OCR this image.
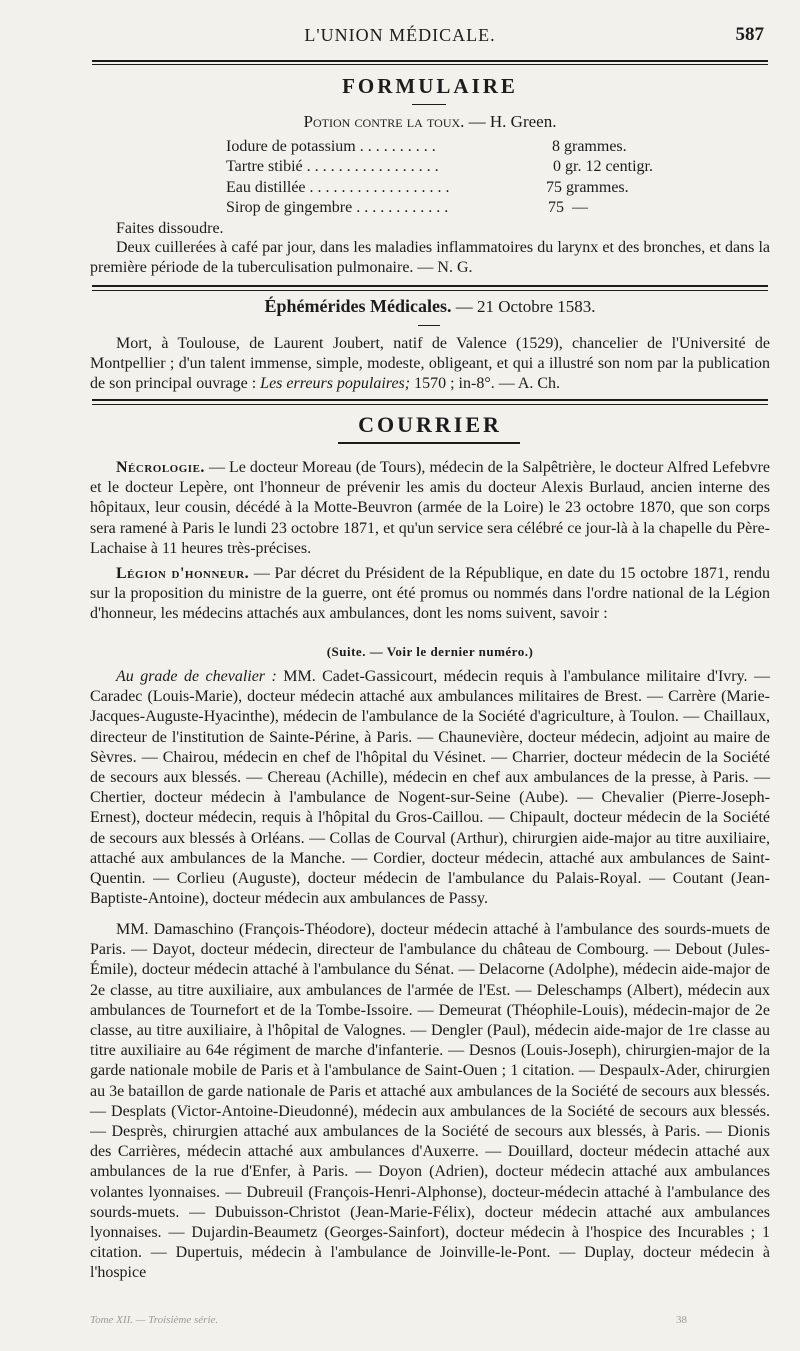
L'UNION MÉDICALE.	587
FORMULAIRE
Potion contre la toux. — H. Green.
Iodure de potassium . . . . . . . . . .	8 grammes.
Tartre stibié . . . . . . . . . . . . . . . . .	0 gr. 12 centigr.
Eau distillée . . . . . . . . . . . . . . . . . .	75 grammes.
Sirop de gingembre . . . . . . . . . . . .	75  —
Faites dissoudre.
Deux cuillerées à café par jour, dans les maladies inflammatoires du larynx et des bronches, et dans la première période de la tuberculisation pulmonaire. — N. G.
Éphémérides Médicales. — 21 Octobre 1583.
Mort, à Toulouse, de Laurent Joubert, natif de Valence (1529), chancelier de l'Université de Montpellier ; d'un talent immense, simple, modeste, obligeant, et qui a illustré son nom par la publication de son principal ouvrage : Les erreurs populaires; 1570 ; in-8°. — A. Ch.
COURRIER
Nécrologie. — Le docteur Moreau (de Tours), médecin de la Salpêtrière, le docteur Alfred Lefebvre et le docteur Lepère, ont l'honneur de prévenir les amis du docteur Alexis Burlaud, ancien interne des hôpitaux, leur cousin, décédé à la Motte-Beuvron (armée de la Loire) le 23 octobre 1870, que son corps sera ramené à Paris le lundi 23 octobre 1871, et qu'un service sera célébré ce jour-là à la chapelle du Père-Lachaise à 11 heures très-précises.
Légion d'honneur. — Par décret du Président de la République, en date du 15 octobre 1871, rendu sur la proposition du ministre de la guerre, ont été promus ou nommés dans l'ordre national de la Légion d'honneur, les médecins attachés aux ambulances, dont les noms suivent, savoir :
(Suite. — Voir le dernier numéro.)
Au grade de chevalier : MM. Cadet-Gassicourt, médecin requis à l'ambulance militaire d'Ivry. — Caradec (Louis-Marie), docteur médecin attaché aux ambulances militaires de Brest. — Carrère (Marie-Jacques-Auguste-Hyacinthe), médecin de l'ambulance de la Société d'agriculture, à Toulon. — Chaillaux, directeur de l'institution de Sainte-Périne, à Paris. — Chaunevière, docteur médecin, adjoint au maire de Sèvres. — Chairou, médecin en chef de l'hôpital du Vésinet. — Charrier, docteur médecin de la Société de secours aux blessés. — Chereau (Achille), médecin en chef aux ambulances de la presse, à Paris. — Chertier, docteur médecin à l'ambulance de Nogent-sur-Seine (Aube). — Chevalier (Pierre-Joseph-Ernest), docteur médecin, requis à l'hôpital du Gros-Caillou. — Chipault, docteur médecin de la Société de secours aux blessés à Orléans. — Collas de Courval (Arthur), chirurgien aide-major au titre auxiliaire, attaché aux ambulances de la Manche. — Cordier, docteur médecin, attaché aux ambulances de Saint-Quentin. — Corlieu (Auguste), docteur médecin de l'ambulance du Palais-Royal. — Coutant (Jean-Baptiste-Antoine), docteur médecin aux ambulances de Passy.
MM. Damaschino (François-Théodore), docteur médecin attaché à l'ambulance des sourds-muets de Paris. — Dayot, docteur médecin, directeur de l'ambulance du château de Combourg. — Debout (Jules-Émile), docteur médecin attaché à l'ambulance du Sénat. — Delacorne (Adolphe), médecin aide-major de 2e classe, au titre auxiliaire, aux ambulances de l'armée de l'Est. — Deleschamps (Albert), médecin aux ambulances de Tournefort et de la Tombe-Issoire. — Demeurat (Théophile-Louis), médecin-major de 2e classe, au titre auxiliaire, à l'hôpital de Valognes. — Dengler (Paul), médecin aide-major de 1re classe au titre auxiliaire au 64e régiment de marche d'infanterie. — Desnos (Louis-Joseph), chirurgien-major de la garde nationale mobile de Paris et à l'ambulance de Saint-Ouen ; 1 citation. — Despaulx-Ader, chirurgien au 3e bataillon de garde nationale de Paris et attaché aux ambulances de la Société de secours aux blessés. — Desplats (Victor-Antoine-Dieudonné), médecin aux ambulances de la Société de secours aux blessés. — Desprès, chirurgien attaché aux ambulances de la Société de secours aux blessés, à Paris. — Dionis des Carrières, médecin attaché aux ambulances d'Auxerre. — Douillard, docteur médecin attaché aux ambulances de la rue d'Enfer, à Paris. — Doyon (Adrien), docteur médecin attaché aux ambulances volantes lyonnaises. — Dubreuil (François-Henri-Alphonse), docteur-médecin attaché à l'ambulance des sourds-muets. — Dubuisson-Christot (Jean-Marie-Félix), docteur médecin attaché aux ambulances lyonnaises. — Dujardin-Beaumetz (Georges-Sainfort), docteur médecin à l'hospice des Incurables ; 1 citation. — Dupertuis, médecin à l'ambulance de Joinville-le-Pont. — Duplay, docteur médecin à l'hospice
Tome XII. — Troisième série.	38
